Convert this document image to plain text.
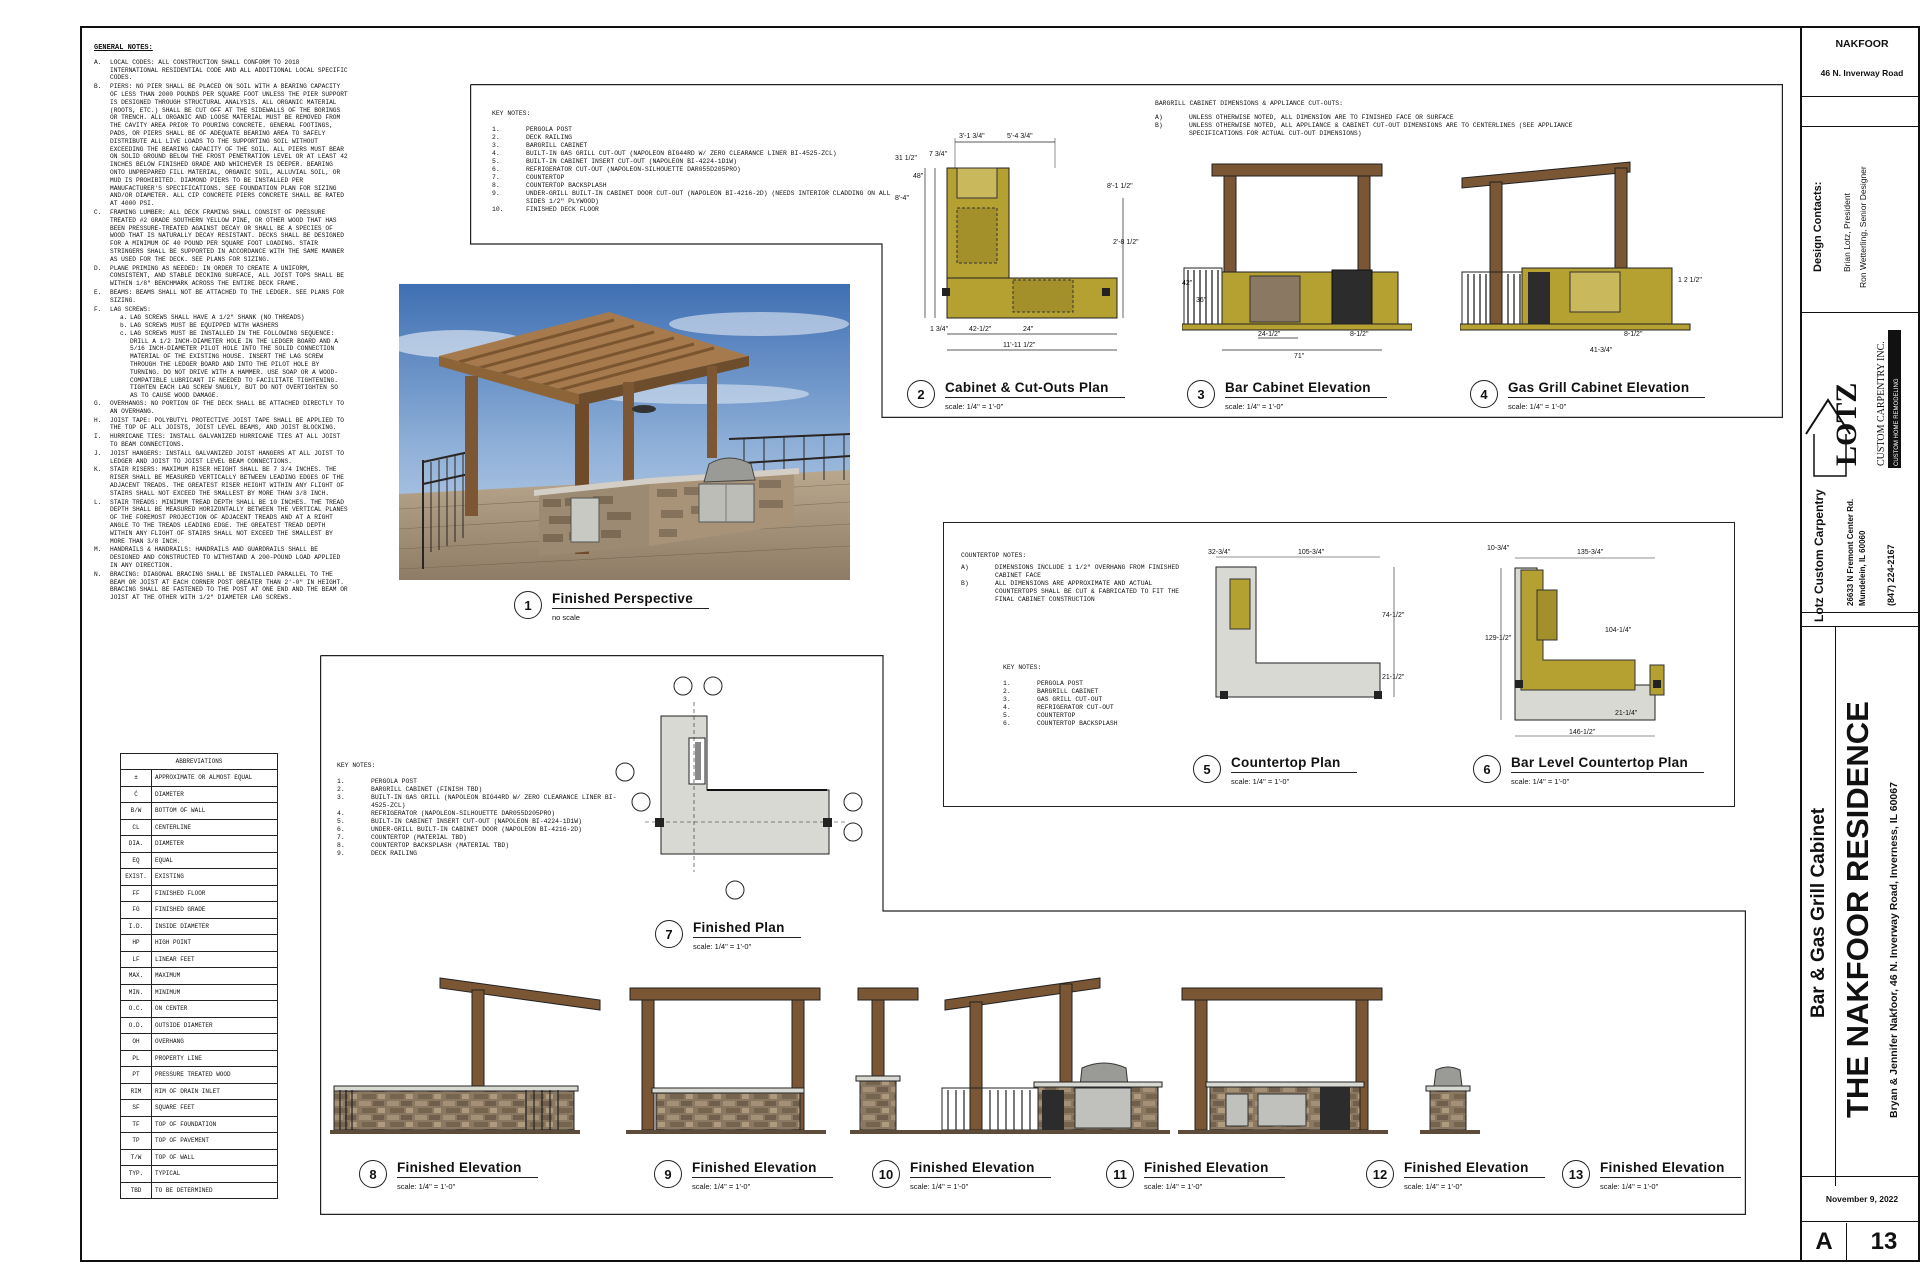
GENERAL NOTES:
A.	LOCAL CODES: ALL CONSTRUCTION SHALL CONFORM TO 2018 INTERNATIONAL RESIDENTIAL CODE AND ALL ADDITIONAL LOCAL SPECIFIC CODES.
B.	PIERS: NO PIER SHALL BE PLACED ON SOIL WITH A BEARING CAPACITY OF LESS THAN 2000 POUNDS PER SQUARE FOOT UNLESS THE PIER SUPPORT IS DESIGNED THROUGH STRUCTURAL ANALYSIS. ALL ORGANIC MATERIAL (ROOTS, ETC.) SHALL BE CUT OFF AT THE SIDEWALLS OF THE BORINGS OR TRENCH. ALL ORGANIC AND LOOSE MATERIAL MUST BE REMOVED FROM THE CAVITY AREA PRIOR TO POURING CONCRETE. GENERAL FOOTINGS, PADS, OR PIERS SHALL BE OF ADEQUATE BEARING AREA TO SAFELY DISTRIBUTE ALL LIVE LOADS TO THE SUPPORTING SOIL WITHOUT EXCEEDING THE BEARING CAPACITY OF THE SOIL. ALL PIERS MUST BEAR ON SOLID GROUND BELOW THE FROST PENETRATION LEVEL OR AT LEAST 42 INCHES BELOW FINISHED GRADE AND WHICHEVER IS DEEPER. BEARING ONTO UNPREPARED FILL MATERIAL, ORGANIC SOIL, ALLUVIAL SOIL, OR MUD IS PROHIBITED. DIAMOND PIERS TO BE INSTALLED PER MANUFACTURER'S SPECIFICATIONS. SEE FOUNDATION PLAN FOR SIZING AND/OR DIAMETER. ALL CIP CONCRETE PIERS CONCRETE SHALL BE RATED AT 4000 PSI.
C.	FRAMING LUMBER: ALL DECK FRAMING SHALL CONSIST OF PRESSURE TREATED #2 GRADE SOUTHERN YELLOW PINE, OR OTHER WOOD THAT HAS BEEN PRESSURE-TREATED AGAINST DECAY OR SHALL BE A SPECIES OF WOOD THAT IS NATURALLY DECAY RESISTANT. DECKS SHALL BE DESIGNED FOR A MINIMUM OF 40 POUND PER SQUARE FOOT LOADING. STAIR STRINGERS SHALL BE SUPPORTED IN ACCORDANCE WITH THE SAME MANNER AS USED FOR THE DECK. SEE PLANS FOR SIZING.
D.	PLANE PRIMING AS NEEDED: IN ORDER TO CREATE A UNIFORM, CONSISTENT, AND STABLE DECKING SURFACE, ALL JOIST TOPS SHALL BE WITHIN 1/8" BENCHMARK ACROSS THE ENTIRE DECK FRAME.
E.	BEAMS: BEAMS SHALL NOT BE ATTACHED TO THE LEDGER. SEE PLANS FOR SIZING.
F.	LAG SCREWS:
a. LAG SCREWS SHALL HAVE A 1/2" SHANK (NO THREADS)
b. LAG SCREWS MUST BE EQUIPPED WITH WASHERS
c. LAG SCREWS MUST BE INSTALLED IN THE FOLLOWING SEQUENCE: DRILL A 1/2 INCH-DIAMETER HOLE IN THE LEDGER BOARD AND A 5/16 INCH-DIAMETER PILOT HOLE INTO THE SOLID CONNECTION MATERIAL OF THE EXISTING HOUSE. INSERT THE LAG SCREW THROUGH THE LEDGER BOARD AND INTO THE PILOT HOLE BY TURNING. DO NOT DRIVE WITH A HAMMER. USE SOAP OR A WOOD-COMPATIBLE LUBRICANT IF NEEDED TO FACILITATE TIGHTENING. TIGHTEN EACH LAG SCREW SNUGLY, BUT DO NOT OVERTIGHTEN SO AS TO CAUSE WOOD DAMAGE.
G.	OVERHANGS: NO PORTION OF THE DECK SHALL BE ATTACHED DIRECTLY TO AN OVERHANG.
H.	JOIST TAPE: POLYBUTYL PROTECTIVE JOIST TAPE SHALL BE APPLIED TO THE TOP OF ALL JOISTS, JOIST LEVEL BEAMS, AND JOIST BLOCKING.
I.	HURRICANE TIES: INSTALL GALVANIZED HURRICANE TIES AT ALL JOIST TO BEAM CONNECTIONS.
J.	JOIST HANGERS: INSTALL GALVANIZED JOIST HANGERS AT ALL JOIST TO LEDGER AND JOIST TO JOIST LEVEL BEAM CONNECTIONS.
K.	STAIR RISERS: MAXIMUM RISER HEIGHT SHALL BE 7 3/4 INCHES. THE RISER SHALL BE MEASURED VERTICALLY BETWEEN LEADING EDGES OF THE ADJACENT TREADS. THE GREATEST RISER HEIGHT WITHIN ANY FLIGHT OF STAIRS SHALL NOT EXCEED THE SMALLEST BY MORE THAN 3/8 INCH.
L.	STAIR TREADS: MINIMUM TREAD DEPTH SHALL BE 10 INCHES. THE TREAD DEPTH SHALL BE MEASURED HORIZONTALLY BETWEEN THE VERTICAL PLANES OF THE FOREMOST PROJECTION OF ADJACENT TREADS AND AT A RIGHT ANGLE TO THE TREADS LEADING EDGE. THE GREATEST TREAD DEPTH WITHIN ANY FLIGHT OF STAIRS SHALL NOT EXCEED THE SMALLEST BY MORE THAN 3/8 INCH.
M.	HANDRAILS & HANDRAILS: HANDRAILS AND GUARDRAILS SHALL BE DESIGNED AND CONSTRUCTED TO WITHSTAND A 200-POUND LOAD APPLIED IN ANY DIRECTION.
N.	BRACING: DIAGONAL BRACING SHALL BE INSTALLED PARALLEL TO THE BEAM OR JOIST AT EACH CORNER POST GREATER THAN 2'-0" IN HEIGHT. BRACING SHALL BE FASTENED TO THE POST AT ONE END AND THE BEAM OR JOIST AT THE OTHER WITH 1/2" DIAMETER LAG SCREWS.
ABBREVIATIONS	
±	APPROXIMATE OR ALMOST EQUAL
Ć	DIAMETER
B/W	BOTTOM OF WALL
CL	CENTERLINE
DIA.	DIAMETER
EQ	EQUAL
EXIST.	EXISTING
FF	FINISHED FLOOR
FG	FINISHED GRADE
I.D.	INSIDE DIAMETER
HP	HIGH POINT
LF	LINEAR FEET
MAX.	MAXIMUM
MIN.	MINIMUM
O.C.	ON CENTER
O.D.	OUTSIDE DIAMETER
OH	OVERHANG
PL	PROPERTY LINE
PT	PRESSURE TREATED WOOD
RIM	RIM OF DRAIN INLET
SF	SQUARE FEET
TF	TOP OF FOUNDATION
TP	TOP OF PAVEMENT
T/W	TOP OF WALL
TYP.	TYPICAL
TBD	TO BE DETERMINED
1	Finished Perspective
no scale
KEY NOTES:
1.	PERGOLA POST
2.	DECK RAILING
3.	BARGRILL CABINET
4.	BUILT-IN GAS GRILL CUT-OUT (NAPOLEON BIG44RD W/ ZERO CLEARANCE LINER BI-4525-ZCL)
5.	BUILT-IN CABINET INSERT CUT-OUT (NAPOLEON BI-4224-1D1W)
6.	REFRIGERATOR CUT-OUT (NAPOLEON-SILHOUETTE DAR055D205PRO)
7.	COUNTERTOP
8.	COUNTERTOP BACKSPLASH
9.	UNDER-GRILL BUILT-IN CABINET DOOR CUT-OUT (NAPOLEON BI-4216-2D) (NEEDS INTERIOR CLADDING ON ALL SIDES 1/2" PLYWOOD)
10.	FINISHED DECK FLOOR
BARGRILL CABINET DIMENSIONS & APPLIANCE CUT-OUTS:
A)	UNLESS OTHERWISE NOTED, ALL DIMENSION ARE TO FINISHED FACE OR SURFACE
B)	UNLESS OTHERWISE NOTED, ALL APPLIANCE & CABINET CUT-OUT DIMENSIONS ARE TO CENTERLINES (SEE APPLIANCE SPECIFICATIONS FOR ACTUAL CUT-OUT DIMENSIONS)
3'-1 3/4"	5'-4 3/4"
7 3/4"
31 1/2"
48"
8'-4"
8'-1 1/2"
2'-8 1/2"
1 3/4"	42-1/2"	24"
11'-11 1/2"
2	Cabinet & Cut-Outs Plan
scale: 1/4" = 1'-0"
42"
36"
24-1/2"
71"
8-1/2"
3	Bar Cabinet Elevation
scale: 1/4" = 1'-0"
1 2 1/2"
8-1/2"
41-3/4"
4	Gas Grill Cabinet Elevation
scale: 1/4" = 1'-0"
COUNTERTOP NOTES:
A)	DIMENSIONS INCLUDE 1 1/2" OVERHANG FROM FINISHED CABINET FACE
B)	ALL DIMENSIONS ARE APPROXIMATE AND ACTUAL COUNTERTOPS SHALL BE CUT & FABRICATED TO FIT THE FINAL CABINET CONSTRUCTION
KEY NOTES:
1.	PERGOLA POST
2.	BARGRILL CABINET
3.	GAS GRILL CUT-OUT
4.	REFRIGERATOR CUT-OUT
5.	COUNTERTOP
6.	COUNTERTOP BACKSPLASH
32-3/4"	105-3/4"
74-1/2"
21-1/2"
5	Countertop Plan
scale: 1/4" = 1'-0"
10-3/4"
135-3/4"
129-1/2"
104-1/4"
21-1/4"
146-1/2"
6	Bar Level Countertop Plan
scale: 1/4" = 1'-0"
KEY NOTES:
1.	PERGOLA POST
2.	BARGRILL CABINET (FINISH TBD)
3.	BUILT-IN GAS GRILL (NAPOLEON BIG44RD W/ ZERO CLEARANCE LINER BI-4525-ZCL)
4.	REFRIGERATOR (NAPOLEON-SILHOUETTE DAR055D205PRO)
5.	BUILT-IN CABINET INSERT CUT-OUT (NAPOLEON BI-4224-1D1W)
6.	UNDER-GRILL BUILT-IN CABINET DOOR (NAPOLEON BI-4216-2D)
7.	COUNTERTOP (MATERIAL TBD)
8.	COUNTERTOP BACKSPLASH (MATERIAL TBD)
9.	DECK RAILING
7	Finished Plan
scale: 1/4" = 1'-0"
8	Finished Elevation
scale: 1/4" = 1'-0"
9	Finished Elevation
scale: 1/4" = 1'-0"
10	Finished Elevation
scale: 1/4" = 1'-0"
11	Finished Elevation
scale: 1/4" = 1'-0"
12	Finished Elevation
scale: 1/4" = 1'-0"
13	Finished Elevation
scale: 1/4" = 1'-0"
NAKFOOR
46 N. Inverway Road
Design Contacts: Brian Lotz, President Ron Wetterling, Senior Designer
LOTZ CUSTOM CARPENTRY INC. CUSTOM HOME REMODELING
Lotz Custom Carpentry	26633 N Fremont Center Rd. Mundelein, IL 60060 (847) 224-2167
Bar & Gas Grill Cabinet THE NAKFOOR RESIDENCE Bryan & Jennifer Nakfoor, 46 N. Inverway Road, Inverness, IL 60067
November 9, 2022
A	13
